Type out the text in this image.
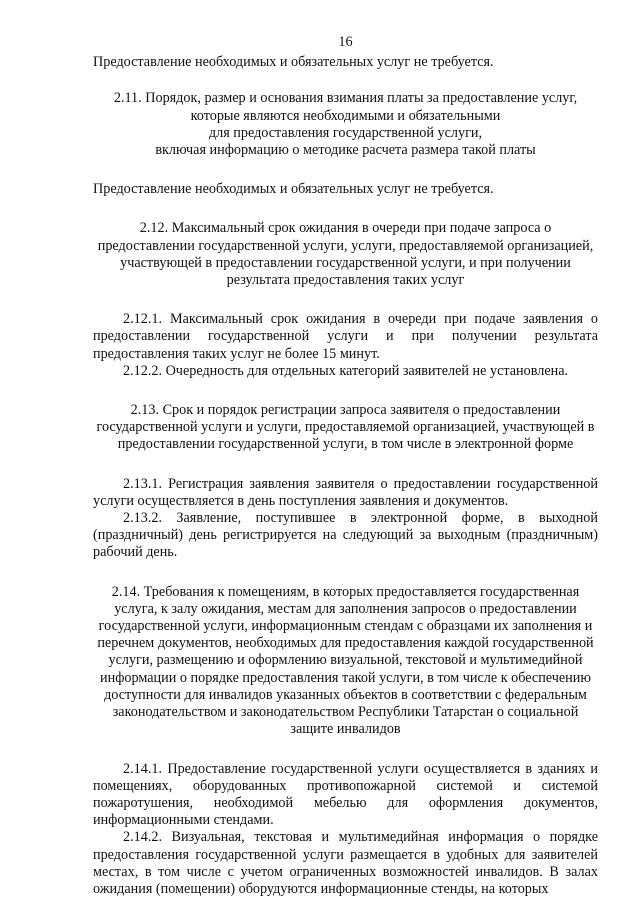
16

Предоставление необходимых и обязательных услуг не требуется.

2.11. Порядок, размер и основания взимания платы за предоставление услуг,
которые являются необходимыми и обязательными
для предоставления государственной услуги,
включая информацию о методике расчета размера такой платы

Предоставление необходимых и обязательных услуг не требуется.

2.12. Максимальный срок ожидания в очереди при подаче запроса о
предоставлении государственной услуги, услуги, предоставляемой организацией,
участвующей в предоставлении государственной услуги, и при получении
результата предоставления таких услуг

2.12.1. Максимальный срок ожидания в очереди при подаче заявления о предоставлении государственной услуги и при получении результата предоставления таких услуг не более 15 минут.

2.12.2. Очередность для отдельных категорий заявителей не установлена.

2.13. Срок и порядок регистрации запроса заявителя о предоставлении
государственной услуги и услуги, предоставляемой организацией, участвующей в
предоставлении государственной услуги, в том числе в электронной форме

2.13.1. Регистрация заявления заявителя о предоставлении государственной услуги осуществляется в день поступления заявления и документов.

2.13.2. Заявление, поступившее в электронной форме, в выходной (праздничный) день регистрируется на следующий за выходным (праздничным) рабочий день.

2.14. Требования к помещениям, в которых предоставляется государственная
услуга, к залу ожидания, местам для заполнения запросов о предоставлении
государственной услуги, информационным стендам с образцами их заполнения и
перечнем документов, необходимых для предоставления каждой государственной
услуги, размещению и оформлению визуальной, текстовой и мультимедийной
информации о порядке предоставления такой услуги, в том числе к обеспечению
доступности для инвалидов указанных объектов в соответствии с федеральным
законодательством и законодательством Республики Татарстан о социальной
защите инвалидов

2.14.1. Предоставление государственной услуги осуществляется в зданиях и помещениях, оборудованных противопожарной системой и системой пожаротушения, необходимой мебелью для оформления документов, информационными стендами.

2.14.2. Визуальная, текстовая и мультимедийная информация о порядке предоставления государственной услуги размещается в удобных для заявителей местах, в том числе с учетом ограниченных возможностей инвалидов. В залах ожидания (помещении) оборудуются информационные стенды, на которых
